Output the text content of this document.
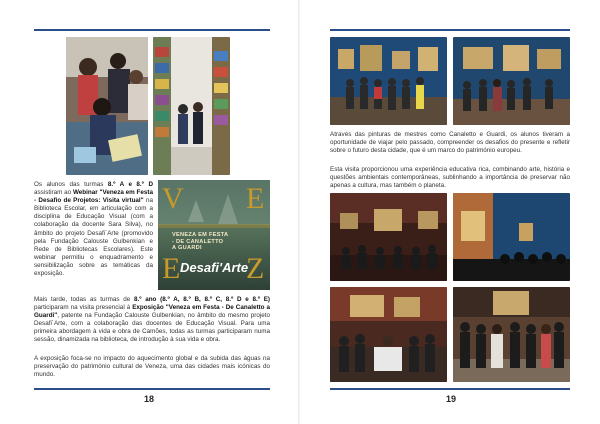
Os alunos das turmas 8.º A e 8.º D assistiram ao Webinar "Veneza em Festa - Desafio de Projetos: Visita virtual" na Biblioteca Escolar, em articulação com a disciplina de Educação Visual (com a colaboração da docente Sara Silva), no âmbito do projeto Desafi´Arte (promovido pela Fundação Calouste Gulbenkian e Rede de Bibliotecas Escolares). Este webinar permitiu o enquadramento e sensibilização sobre as temáticas da exposição.
V E
E Z
VENEZA EM FESTA
- DE CANALETTO
A GUARDI
Desafi'Arte
Mais tarde, todas as turmas de 8.º ano (8.º A, 8.º B, 8.º C, 8.º D e 8.º E) participaram na visita presencial à Exposição "Veneza em Festa - De Canaletto a Guardi", patente na Fundação Calouste Gulbenkian, no âmbito do mesmo projeto Desafi´Arte, com a colaboração das docentes de Educação Visual. Para uma primeira abordagem à vida e obra de Camões, todas as turmas participaram numa sessão, dinamizada na biblioteca, de introdução à sua vida e obra.
A exposição foca-se no impacto do aquecimento global e da subida das águas na preservação do património cultural de Veneza, uma das cidades mais icónicas do mundo.
18
Através das pinturas de mestres como Canaletto e Guardi, os alunos tiveram a oportunidade de viajar pelo passado, compreender os desafios do presente e refletir sobre o futuro desta cidade, que é um marco do património europeu.
Esta visita proporcionou uma experiência educativa rica, combinando arte, história e questões ambientais contemporâneas, sublinhando a importância de preservar não apenas a cultura, mas também o planeta.
19
